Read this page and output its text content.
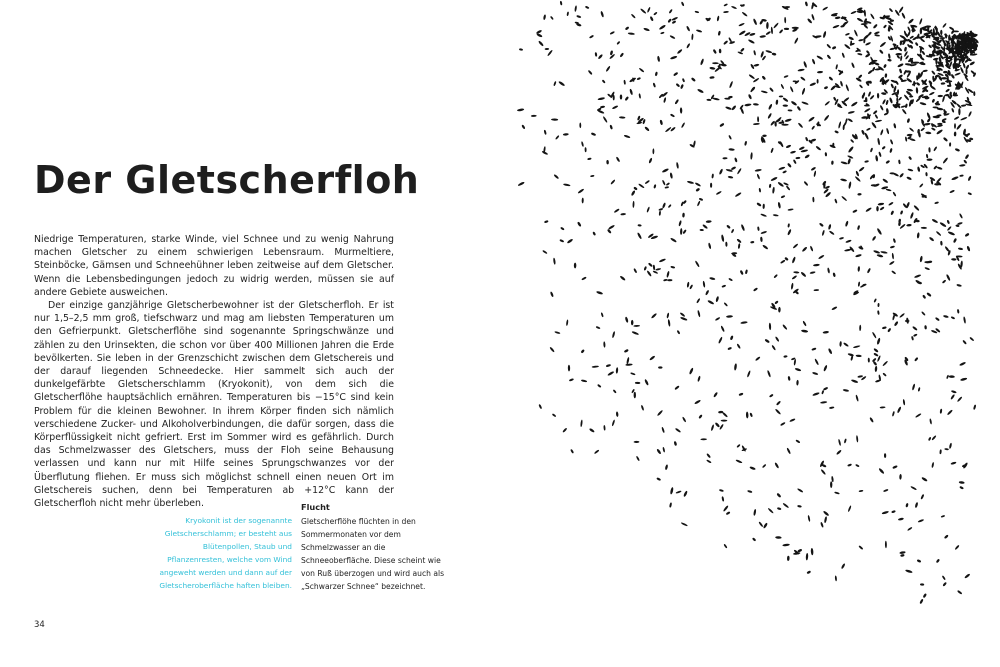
Der Gletscherfloh

Niedrige Temperaturen, starke Winde, viel Schnee und zu wenig Nahrung machen Gletscher zu einem schwierigen Lebensraum. Murmeltiere, Steinböcke, Gämsen und Schneehühner leben zeitweise auf dem Gletscher. Wenn die Lebensbedingungen jedoch zu widrig werden, müssen sie auf andere Gebiete ausweichen.

Der einzige ganzjährige Gletscherbewohner ist der Gletscherfloh. Er ist nur 1,5–2,5 mm groß, tiefschwarz und mag am liebsten Temperaturen um den Gefrierpunkt. Gletscherflöhe sind sogenannte Springschwänze und zählen zu den Urinsekten, die schon vor über 400 Millionen Jahren die Erde bevölkerten. Sie leben in der Grenzschicht zwischen dem Gletschereis und der darauf liegenden Schneedecke. Hier sammelt sich auch der dunkelgefärbte Gletscherschlamm (Kryokonit), von dem sich die Gletscherflöhe hauptsächlich ernähren. Temperaturen bis −15°C sind kein Problem für die kleinen Bewohner. In ihrem Körper finden sich nämlich verschiedene Zucker- und Alkoholverbindungen, die dafür sorgen, dass die Körperflüssigkeit nicht gefriert. Erst im Sommer wird es gefährlich. Durch das Schmelzwasser des Gletschers, muss der Floh seine Behausung verlassen und kann nur mit Hilfe seines Sprungschwanzes vor der Überflutung fliehen. Er muss sich möglichst schnell einen neuen Ort im Gletschereis suchen, denn bei Temperaturen ab +12°C kann der Gletscherfloh nicht mehr überleben.

Kryokonit ist der sogenannte Gletscherschlamm; er besteht aus Blütenpollen, Staub und Pflanzenresten, welche vom Wind angeweht werden und dann auf der Gletscheroberfläche haften bleiben.

Flucht

Gletscherflöhe flüchten in den Sommermonaten vor dem Schmelzwasser an die Schneeoberfläche. Diese scheint wie von Ruß überzogen und wird auch als „Schwarzer Schnee“ bezeichnet.

34
